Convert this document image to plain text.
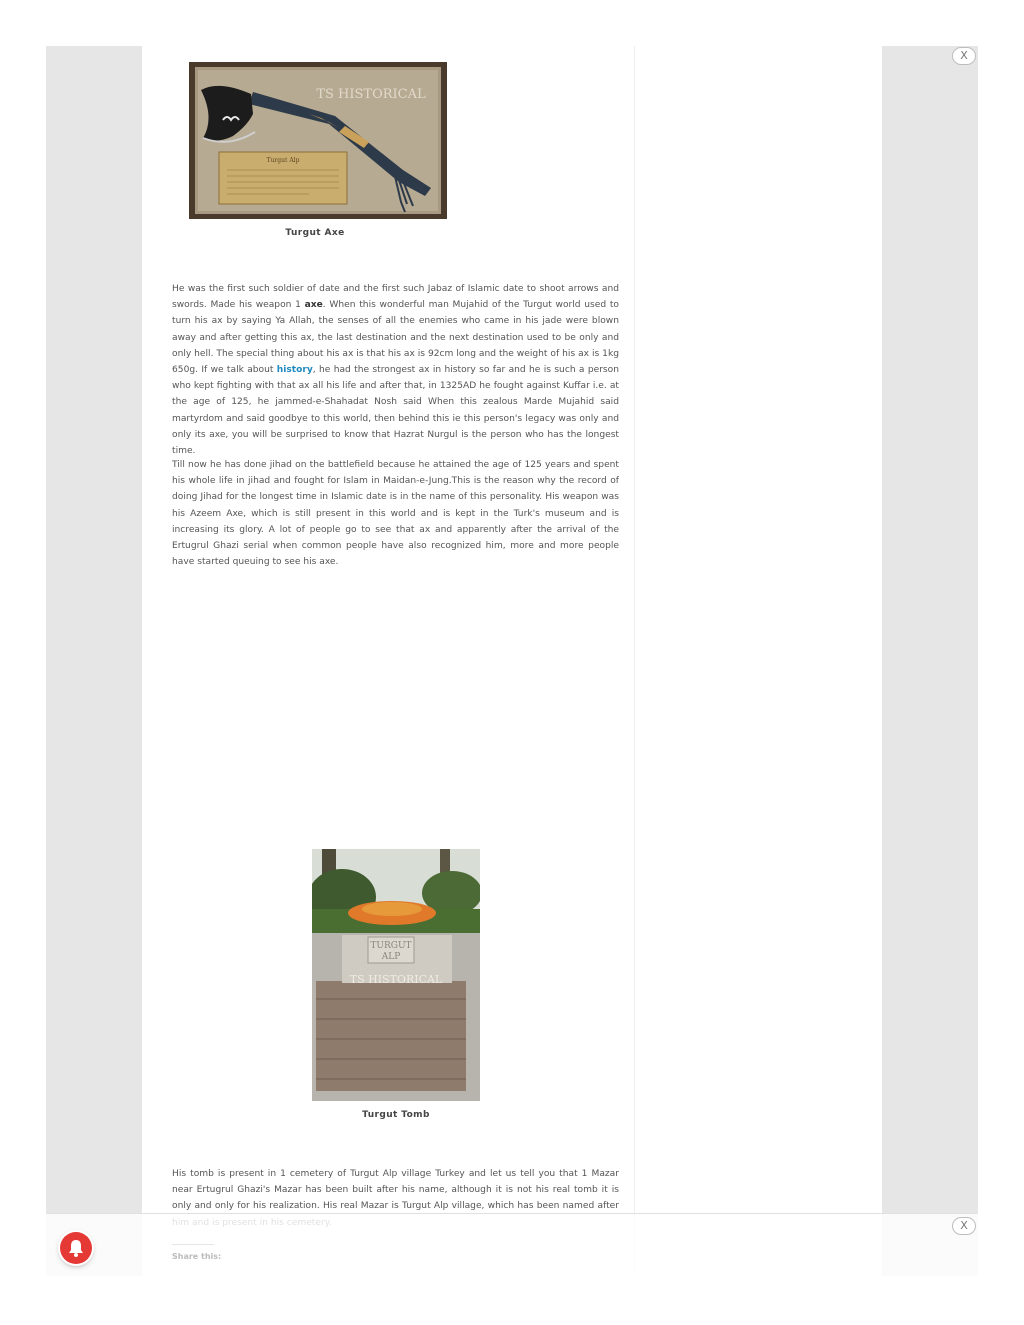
X
Turgut Alp
TS HISTORICAL
Turgut Axe

He was the first such soldier of date and the first such Jabaz of Islamic date to shoot arrows and swords. Made his weapon 1 axe. When this wonderful man Mujahid of the Turgut world used to turn his ax by saying Ya Allah, the senses of all the enemies who came in his jade were blown away and after getting this ax, the last destination and the next destination used to be only and only hell. The special thing about his ax is that his ax is 92cm long and the weight of his ax is 1kg 650g. If we talk about history, he had the strongest ax in history so far and he is such a person who kept fighting with that ax all his life and after that, in 1325AD he fought against Kuffar i.e. at the age of 125, he jammed-e-Shahadat Nosh said When this zealous Marde Mujahid said martyrdom and said goodbye to this world, then behind this ie this person's legacy was only and only its axe, you will be surprised to know that Hazrat Nurgul is the person who has the longest time.

Till now he has done jihad on the battlefield because he attained the age of 125 years and spent his whole life in jihad and fought for Islam in Maidan-e-Jung.This is the reason why the record of doing Jihad for the longest time in Islamic date is in the name of this personality. His weapon was his Azeem Axe, which is still present in this world and is kept in the Turk's museum and is increasing its glory. A lot of people go to see that ax and apparently after the arrival of the Ertugrul Ghazi serial when common people have also recognized him, more and more people have started queuing to see his axe.

TURGUT
ALP
TS HISTORICAL
Turgut Tomb

His tomb is present in 1 cemetery of Turgut Alp village Turkey and let us tell you that 1 Mazar near Ertugrul Ghazi's Mazar has been built after his name, although it is not his real tomb it is only and only for his realization. His real Mazar is Turgut Alp village, which has been named after

Share this:
X
